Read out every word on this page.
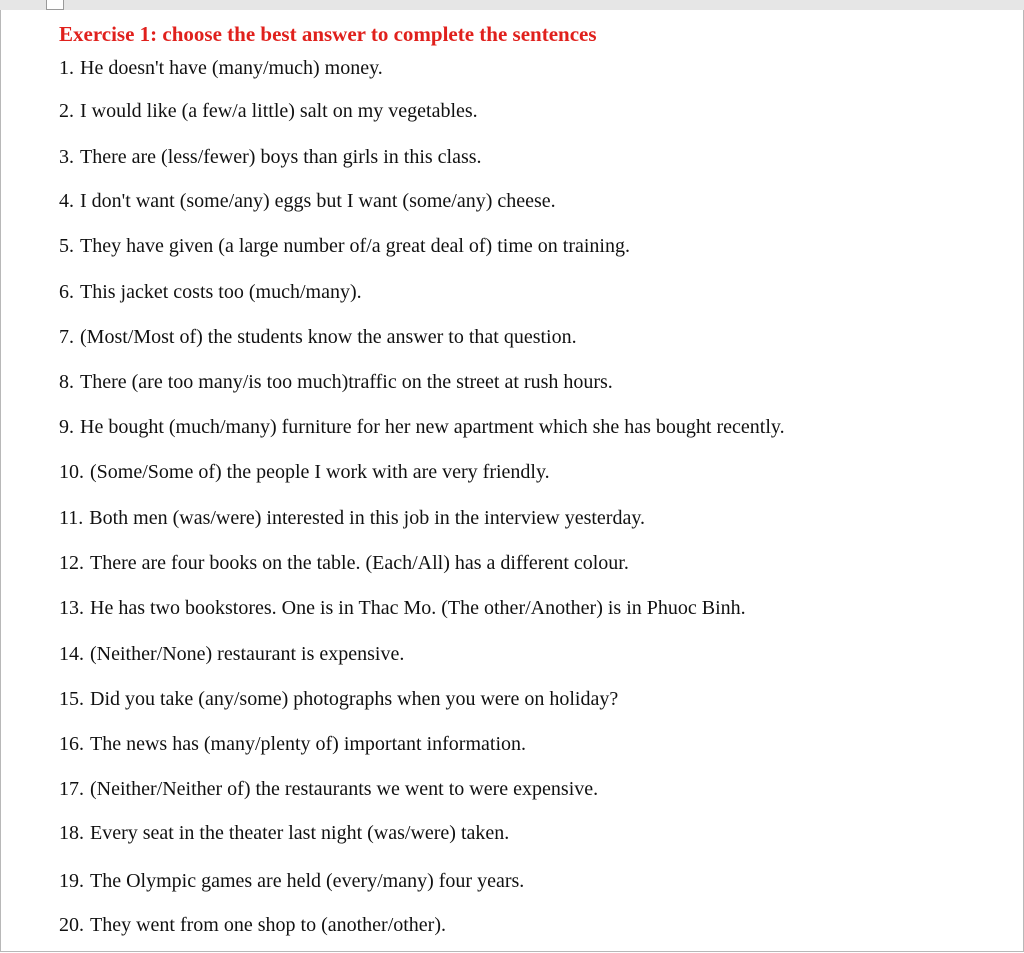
Exercise 1: choose the best answer to complete the sentences
1. He doesn't have (many/much) money.
2. I would like (a few/a little) salt on my vegetables.
3. There are (less/fewer) boys than girls in this class.
4. I don't want (some/any) eggs but I want (some/any) cheese.
5. They have given (a large number of/a great deal of) time on training.
6. This jacket costs too (much/many).
7. (Most/Most of) the students know the answer to that question.
8. There (are too many/is too much)traffic on the street at rush hours.
9. He bought (much/many) furniture for her new apartment which she has bought recently.
10. (Some/Some of) the people I work with are very friendly.
11. Both men (was/were) interested in this job in the interview yesterday.
12. There are four books on the table. (Each/All) has a different colour.
13. He has two bookstores. One is in Thac Mo. (The other/Another) is in Phuoc Binh.
14. (Neither/None) restaurant is expensive.
15. Did you take (any/some) photographs when you were on holiday?
16. The news has (many/plenty of) important information.
17. (Neither/Neither of) the restaurants we went to were expensive.
18. Every seat in the theater last night (was/were) taken.
19. The Olympic games are held (every/many) four years.
20. They went from one shop to (another/other).
